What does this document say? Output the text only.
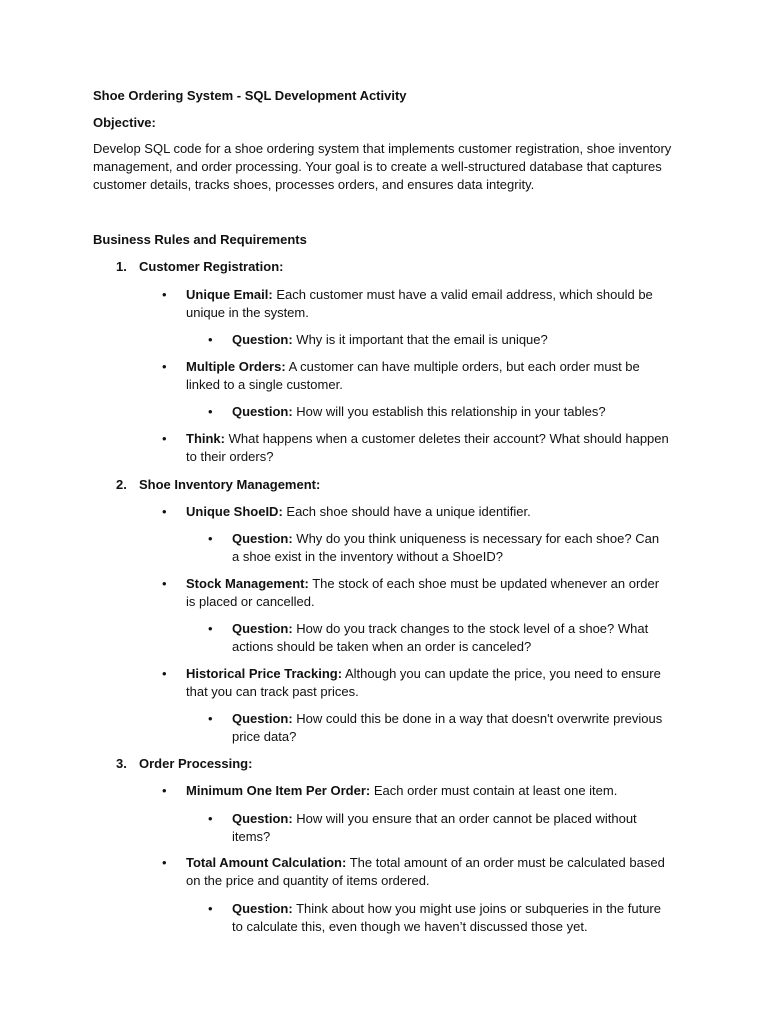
Shoe Ordering System - SQL Development Activity
Objective:
Develop SQL code for a shoe ordering system that implements customer registration, shoe inventory management, and order processing. Your goal is to create a well-structured database that captures customer details, tracks shoes, processes orders, and ensures data integrity.
Business Rules and Requirements
1. Customer Registration:
• Unique Email: Each customer must have a valid email address, which should be unique in the system.
• Question: Why is it important that the email is unique?
• Multiple Orders: A customer can have multiple orders, but each order must be linked to a single customer.
• Question: How will you establish this relationship in your tables?
• Think: What happens when a customer deletes their account? What should happen to their orders?
2. Shoe Inventory Management:
• Unique ShoeID: Each shoe should have a unique identifier.
• Question: Why do you think uniqueness is necessary for each shoe? Can a shoe exist in the inventory without a ShoeID?
• Stock Management: The stock of each shoe must be updated whenever an order is placed or cancelled.
• Question: How do you track changes to the stock level of a shoe? What actions should be taken when an order is canceled?
• Historical Price Tracking: Although you can update the price, you need to ensure that you can track past prices.
• Question: How could this be done in a way that doesn't overwrite previous price data?
3. Order Processing:
• Minimum One Item Per Order: Each order must contain at least one item.
• Question: How will you ensure that an order cannot be placed without items?
• Total Amount Calculation: The total amount of an order must be calculated based on the price and quantity of items ordered.
• Question: Think about how you might use joins or subqueries in the future to calculate this, even though we haven’t discussed those yet.
